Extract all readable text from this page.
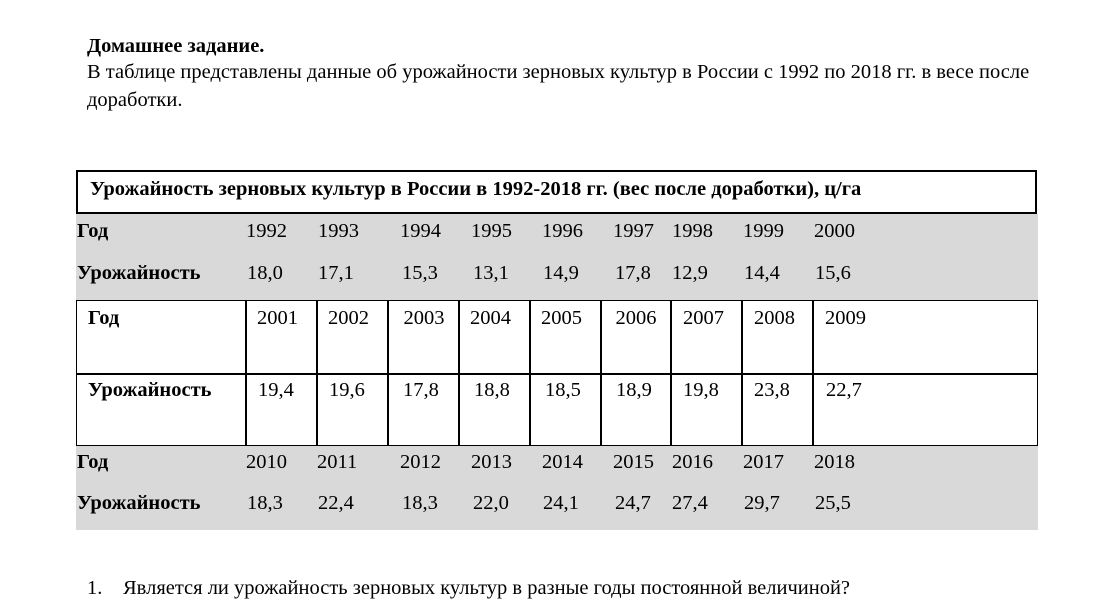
Домашнее задание.
В таблице представлены данные об урожайности зерновых культур в России с 1992 по 2018 гг. в весе после доработки.
Урожайность зерновых культур в России в 1992-2018 гг. (вес после доработки), ц/га
Год
Урожайность
1992 1993 1994 1995 1996 1997 1998 1999 2000
18,0 17,1 15,3 13,1 14,9 17,8 12,9 14,4 15,6
Год
Урожайность
2001 2002 2003 2004 2005 2006 2007 2008 2009
19,4 19,6 17,8 18,8 18,5 18,9 19,8 23,8 22,7
Год
Урожайность
2010 2011 2012 2013 2014 2015 2016 2017 2018
18,3 22,4 18,3 22,0 24,1 24,7 27,4 29,7 25,5
1. Является ли урожайность зерновых культур в разные годы постоянной величиной?
